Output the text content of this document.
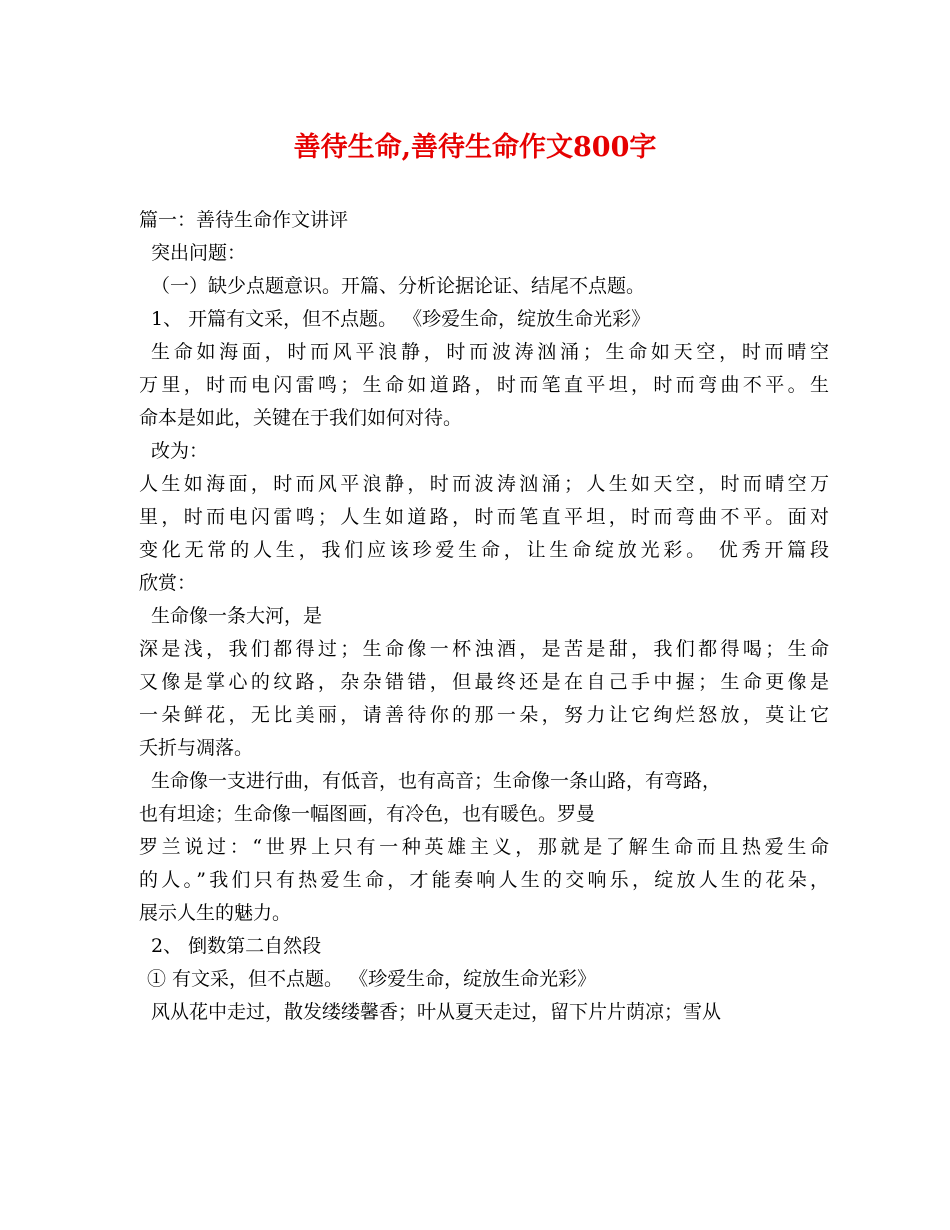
善待生命,善待生命作文800字
篇一：善待生命作文讲评
突出问题：
（一）缺少点题意识。开篇、分析论据论证、结尾不点题。
1、 开篇有文采，但不点题。 《珍爱生命，绽放生命光彩》
生命如海面，时而风平浪静，时而波涛汹涌；生命如天空，时而晴空
万里，时而电闪雷鸣；生命如道路，时而笔直平坦，时而弯曲不平。生
命本是如此，关键在于我们如何对待。
改为：
人生如海面，时而风平浪静，时而波涛汹涌；人生如天空，时而晴空万
里，时而电闪雷鸣；人生如道路，时而笔直平坦，时而弯曲不平。面对
变化无常的人生，我们应该珍爱生命，让生命绽放光彩。 优秀开篇段
欣赏：
生命像一条大河，是
深是浅，我们都得过；生命像一杯浊酒，是苦是甜，我们都得喝；生命
又像是掌心的纹路，杂杂错错，但最终还是在自己手中握；生命更像是
一朵鲜花，无比美丽，请善待你的那一朵，努力让它绚烂怒放，莫让它
夭折与凋落。
生命像一支进行曲，有低音，也有高音；生命像一条山路，有弯路，
也有坦途；生命像一幅图画，有冷色，也有暖色。罗曼
罗兰说过：“世界上只有一种英雄主义，那就是了解生命而且热爱生命
的人。”我们只有热爱生命，才能奏响人生的交响乐，绽放人生的花朵，
展示人生的魅力。
2、 倒数第二自然段
① 有文采，但不点题。 《珍爱生命，绽放生命光彩》
风从花中走过，散发缕缕馨香；叶从夏天走过，留下片片荫凉；雪从
